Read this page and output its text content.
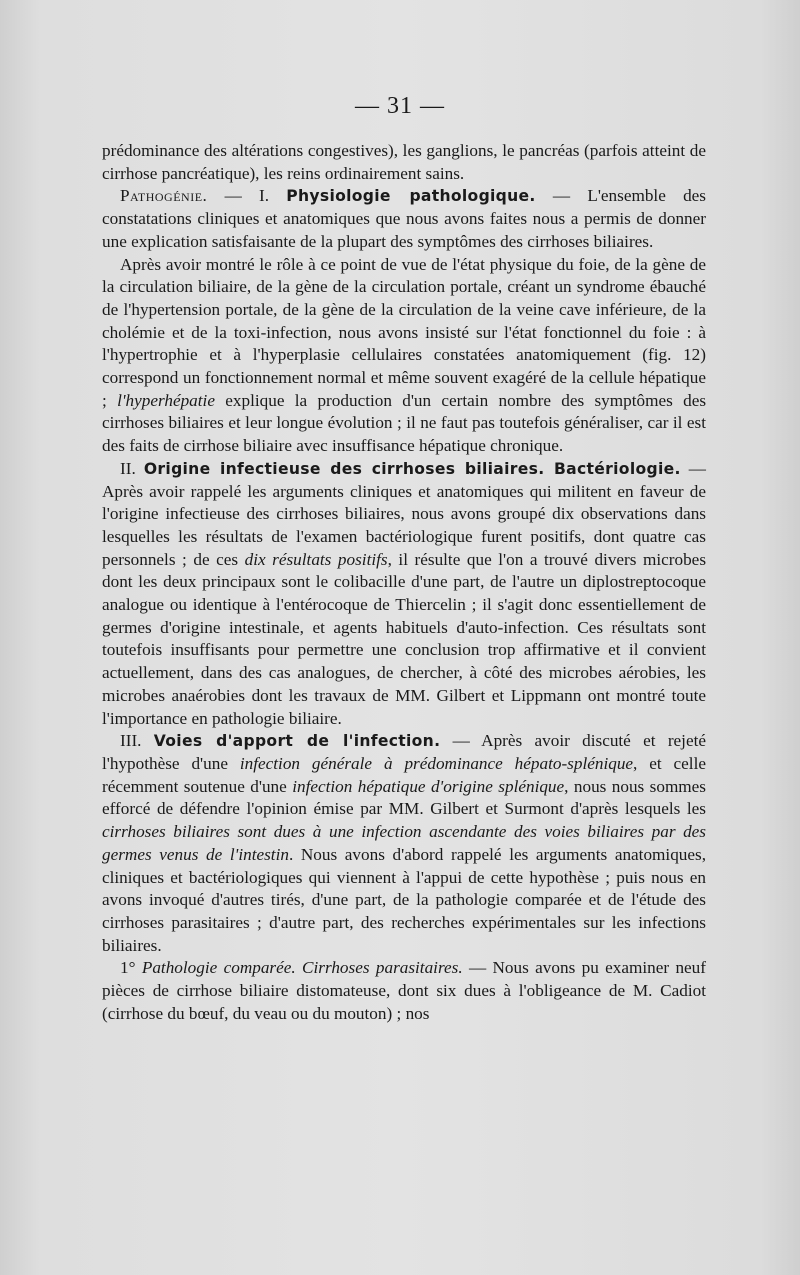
— 31 —

prédominance des altérations congestives), les ganglions, le pancréas (parfois atteint de cirrhose pancréatique), les reins ordinairement sains.

Pathogénie. — I. Physiologie pathologique. — L'ensemble des constatations cliniques et anatomiques que nous avons faites nous a permis de donner une explication satisfaisante de la plupart des symptômes des cirrhoses biliaires.

Après avoir montré le rôle à ce point de vue de l'état physique du foie, de la gène de la circulation biliaire, de la gène de la circulation portale, créant un syndrome ébauché de l'hypertension portale, de la gène de la circulation de la veine cave inférieure, de la cholémie et de la toxi-infection, nous avons insisté sur l'état fonctionnel du foie : à l'hypertrophie et à l'hyperplasie cellulaires constatées anatomiquement (fig. 12) correspond un fonctionnement normal et même souvent exagéré de la cellule hépatique ; l'hyperhépatie explique la production d'un certain nombre des symptômes des cirrhoses biliaires et leur longue évolution ; il ne faut pas toutefois généraliser, car il est des faits de cirrhose biliaire avec insuffisance hépatique chronique.

II. Origine infectieuse des cirrhoses biliaires. Bactériologie. — Après avoir rappelé les arguments cliniques et anatomiques qui militent en faveur de l'origine infectieuse des cirrhoses biliaires, nous avons groupé dix observations dans lesquelles les résultats de l'examen bactériologique furent positifs, dont quatre cas personnels ; de ces dix résultats positifs, il résulte que l'on a trouvé divers microbes dont les deux principaux sont le colibacille d'une part, de l'autre un diplostreptocoque analogue ou identique à l'entérocoque de Thiercelin ; il s'agit donc essentiellement de germes d'origine intestinale, et agents habituels d'auto-infection. Ces résultats sont toutefois insuffisants pour permettre une conclusion trop affirmative et il convient actuellement, dans des cas analogues, de chercher, à côté des microbes aérobies, les microbes anaérobies dont les travaux de MM. Gilbert et Lippmann ont montré toute l'importance en pathologie biliaire.

III. Voies d'apport de l'infection. — Après avoir discuté et rejeté l'hypothèse d'une infection générale à prédominance hépato-splénique, et celle récemment soutenue d'une infection hépatique d'origine splénique, nous nous sommes efforcé de défendre l'opinion émise par MM. Gilbert et Surmont d'après lesquels les cirrhoses biliaires sont dues à une infection ascendante des voies biliaires par des germes venus de l'intestin. Nous avons d'abord rappelé les arguments anatomiques, cliniques et bactériologiques qui viennent à l'appui de cette hypothèse ; puis nous en avons invoqué d'autres tirés, d'une part, de la pathologie comparée et de l'étude des cirrhoses parasitaires ; d'autre part, des recherches expérimentales sur les infections biliaires.

1° Pathologie comparée. Cirrhoses parasitaires. — Nous avons pu examiner neuf pièces de cirrhose biliaire distomateuse, dont six dues à l'obligeance de M. Cadiot (cirrhose du bœuf, du veau ou du mouton) ; nos
